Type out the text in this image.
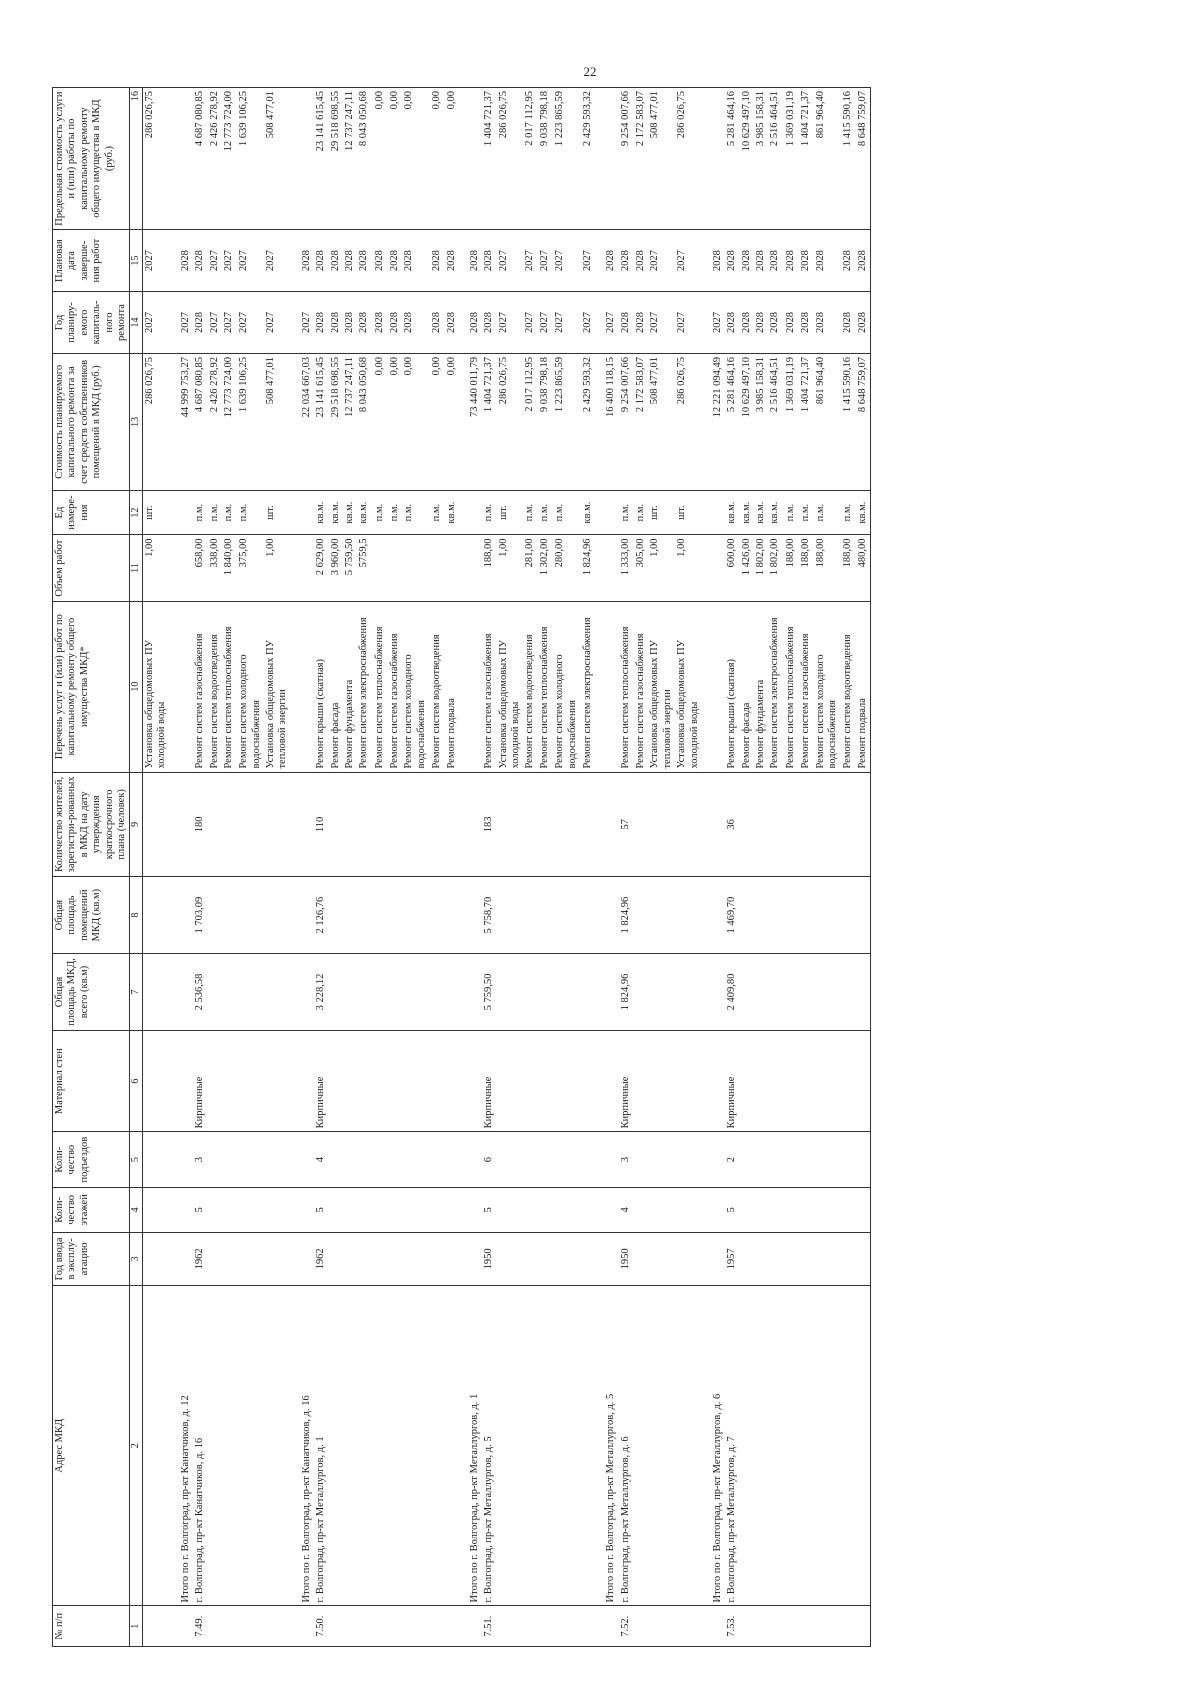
22
№ п/п	Адрес МКД	Год ввода в эксплу-атацию	Коли-чество этажей	Коли-чество подъездов	Материал стен	Общая площадь МКД, всего (кв.м)	Общая площадь помещений МКД (кв.м)	Количество жителей, зарегистри-рованных в МКД на дату утверждения краткосрочного плана (человек)	Перечень услуг и (или) работ по капитальному ремонту общего имущества МКД*	Объем работ	Ед измере-ния	Стоимость планируемого капитального ремонта за счет средств собственников помещений в МКД (руб.)	Год планиру-емого капиталь-ного ремонта	Плановая дата заверше-ния работ	Предельная стоимость услуги и (или) работы по капитальному ремонту общего имущества в МКД (руб.)
1	2	3	4	5	6	7	8	9	10	11	12	13	14	15	16
									Установка общедомовых ПУ холодной воды	1,00	шт.	286 026,75	2027	2027	286 026,75
	Итого по г. Волгоград, пр-кт Канатчиков, д. 12											44 999 753,27	2027	2028	
7.49.	г. Волгоград, пр-кт Канатчиков, д. 16	1962	5	3	Кирпичные	2 536,58	1 703,09	180	Ремонт систем газоснабжения	658,00	п.м.	4 687 080,85	2028	2028	4 687 080,85
									Ремонт систем водоотведения	338,00	п.м.	2 426 278,92	2027	2027	2 426 278,92
									Ремонт систем теплоснабжения	1 840,00	п.м.	12 773 724,00	2027	2027	12 773 724,00
									Ремонт систем холодного водоснабжения	375,00	п.м.	1 639 106,25	2027	2027	1 639 106,25
									Установка общедомовых ПУ тепловой энергии	1,00	шт.	508 477,01	2027	2027	508 477,01
	Итого по г. Волгоград, пр-кт Канатчиков, д. 16											22 034 667,03	2027	2028	
7.50.	г. Волгоград, пр-кт Металлургов, д. 1	1962	5	4	Кирпичные	3 228,12	2 126,76	110	Ремонт крыши (скатная)	2 629,00	кв.м.	23 141 615,45	2028	2028	23 141 615,45
									Ремонт фасада	3 960,00	кв.м.	29 518 698,55	2028	2028	29 518 698,55
									Ремонт фундамента	5 759,50	кв.м.	12 737 247,11	2028	2028	12 737 247,11
									Ремонт систем электроснабжения	5759,5	кв.м.	8 043 050,68	2028	2028	8 043 050,68
									Ремонт систем теплоснабжения		п.м.	0,00	2028	2028	0,00
									Ремонт систем газоснабжения		п.м.	0,00	2028	2028	0,00
									Ремонт систем холодного водоснабжения		п.м.	0,00	2028	2028	0,00
									Ремонт систем водоотведения		п.м.	0,00	2028	2028	0,00
									Ремонт подвала		кв.м.	0,00	2028	2028	0,00
	Итого по г. Волгоград, пр-кт Металлургов, д. 1											73 440 011,79	2028	2028	
7.51.	г. Волгоград, пр-кт Металлургов, д. 5	1950	5	6	Кирпичные	5 759,50	5 758,70	183	Ремонт систем газоснабжения	188,00	п.м.	1 404 721,37	2028	2028	1 404 721,37
									Установка общедомовых ПУ холодной воды	1,00	шт.	286 026,75	2027	2027	286 026,75
									Ремонт систем водоотведения	281,00	п.м.	2 017 112,95	2027	2027	2 017 112,95
									Ремонт систем теплоснабжения	1 302,00	п.м.	9 038 798,18	2027	2027	9 038 798,18
									Ремонт систем холодного водоснабжения	280,00	п.м.	1 223 865,59	2027	2027	1 223 865,59
									Ремонт систем электроснабжения	1 824,96	кв.м.	2 429 593,32	2027	2027	2 429 593,32
	Итого по г. Волгоград, пр-кт Металлургов, д. 5											16 400 118,15	2027	2028	
7.52.	г. Волгоград, пр-кт Металлургов, д. 6	1950	4	3	Кирпичные	1 824,96	1 824,96	57	Ремонт систем теплоснабжения	1 333,00	п.м.	9 254 007,66	2028	2028	9 254 007,66
									Ремонт систем газоснабжения	305,00	п.м.	2 172 583,07	2028	2028	2 172 583,07
									Установка общедомовых ПУ тепловой энергии	1,00	шт.	508 477,01	2027	2027	508 477,01
									Установка общедомовых ПУ холодной воды	1,00	шт.	286 026,75	2027	2027	286 026,75
	Итого по г. Волгоград, пр-кт Металлургов, д. 6											12 221 094,49	2027	2028	
7.53.	г. Волгоград, пр-кт Металлургов, д. 7	1957	5	2	Кирпичные	2 409,80	1 469,70	36	Ремонт крыши (скатная)	600,00	кв.м.	5 281 464,16	2028	2028	5 281 464,16
									Ремонт фасада	1 426,00	кв.м.	10 629 497,10	2028	2028	10 629 497,10
									Ремонт фундамента	1 802,00	кв.м.	3 985 158,31	2028	2028	3 985 158,31
									Ремонт систем электроснабжения	1 802,00	кв.м.	2 516 464,51	2028	2028	2 516 464,51
									Ремонт систем теплоснабжения	188,00	п.м.	1 369 031,19	2028	2028	1 369 031,19
									Ремонт систем газоснабжения	188,00	п.м.	1 404 721,37	2028	2028	1 404 721,37
									Ремонт систем холодного водоснабжения	188,00	п.м.	861 964,40	2028	2028	861 964,40
									Ремонт систем водоотведения	188,00	п.м.	1 415 590,16	2028	2028	1 415 590,16
									Ремонт подвала	480,00	кв.м.	8 648 759,07	2028	2028	8 648 759,07
